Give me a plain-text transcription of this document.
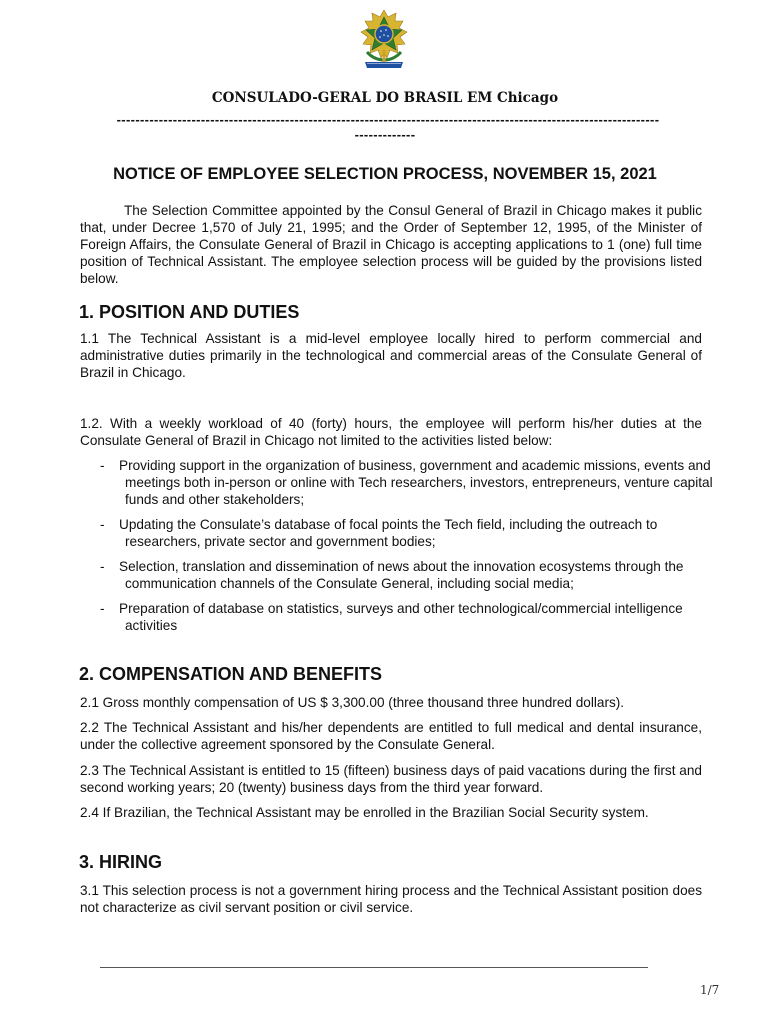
CONSULADO-GERAL DO BRASIL EM Chicago
--------------------------------------------------------------------------------------------------------------------
-------------
NOTICE OF EMPLOYEE SELECTION PROCESS, NOVEMBER 15, 2021
The Selection Committee appointed by the Consul General of Brazil in Chicago makes it public that, under Decree 1,570 of July 21, 1995; and the Order of September 12, 1995, of the Minister of Foreign Affairs, the Consulate General of Brazil in Chicago is accepting applications to 1 (one) full time position of Technical Assistant. The employee selection process will be guided by the provisions listed below.
1. POSITION AND DUTIES
1.1 The Technical Assistant is a mid-level employee locally hired to perform commercial and administrative duties primarily in the technological and commercial areas of the Consulate General of Brazil in Chicago.
1.2. With a weekly workload of 40 (forty) hours, the employee will perform his/her duties at the Consulate General of Brazil in Chicago not limited to the activities listed below:
- Providing support in the organization of business, government and academic missions, events and meetings both in-person or online with Tech researchers, investors, entrepreneurs, venture capital funds and other stakeholders;
- Updating the Consulate’s database of focal points the Tech field, including the outreach to researchers, private sector and government bodies;
- Selection, translation and dissemination of news about the innovation ecosystems through the communication channels of the Consulate General, including social media;
- Preparation of database on statistics, surveys and other technological/commercial intelligence activities
2. COMPENSATION AND BENEFITS
2.1 Gross monthly compensation of US $ 3,300.00 (three thousand three hundred dollars).
2.2 The Technical Assistant and his/her dependents are entitled to full medical and dental insurance, under the collective agreement sponsored by the Consulate General.
2.3 The Technical Assistant is entitled to 15 (fifteen) business days of paid vacations during the first and second working years; 20 (twenty) business days from the third year forward.
2.4 If Brazilian, the Technical Assistant may be enrolled in the Brazilian Social Security system.
3. HIRING
3.1 This selection process is not a government hiring process and the Technical Assistant position does not characterize as civil servant position or civil service.
1/7
